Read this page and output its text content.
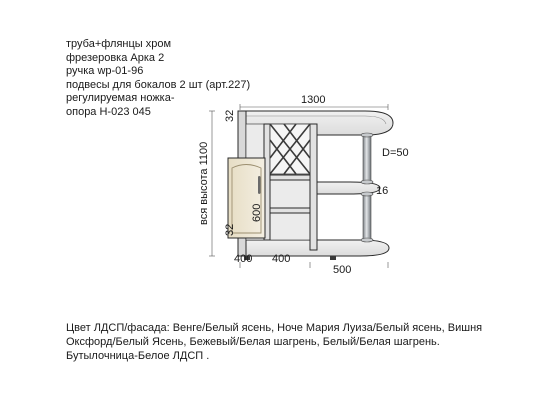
труба+флянцы хром
фрезеровка Арка 2
ручка wp-01-96
подвесы для бокалов 2 шт (арт.227)
регулируемая ножка-
опора Н-023 045
1300
вся высота 1100
32
32
600
400 400
500
D=50
16

Цвет ЛДСП/фасада: Венге/Белый ясень, Ноче Мария Луиза/Белый ясень, Вишня Оксфорд/Белый Ясень, Бежевый/Белая шагрень, Белый/Белая шагрень.

Бутылочница-Белое ЛДСП .
